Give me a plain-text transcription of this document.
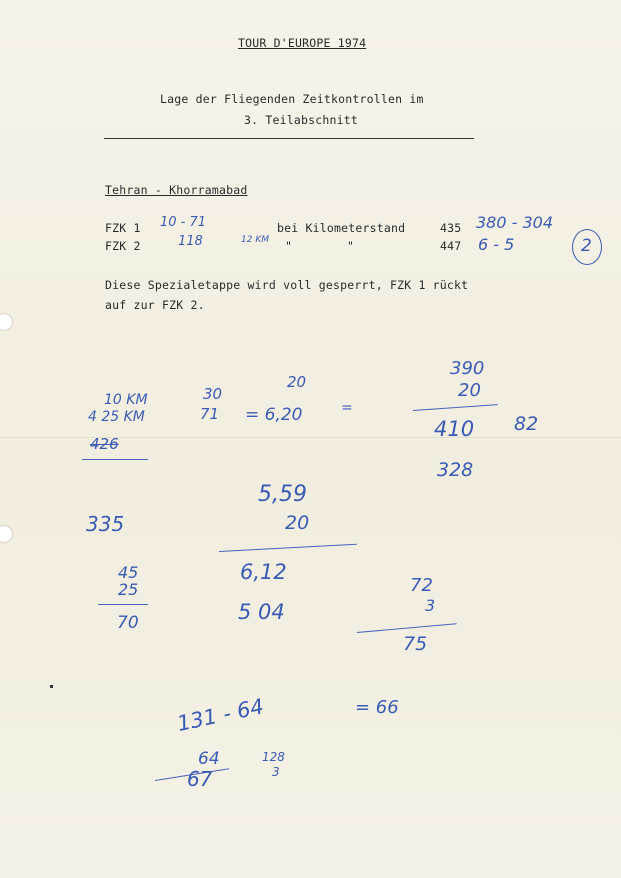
TOUR D'EUROPE 1974
Lage der Fliegenden Zeitkontrollen im
3. Teilabschnitt
Tehran - Khorramabad
FZK 1	bei Kilometerstand	435
FZK 2	"	"	447
Diese Spezialetappe wird voll gesperrt, FZK 1 rückt
auf zur FZK 2.
10 - 71	380 - 304
118	12 KM	6 - 5	2
10 KM
4 25 KM
426
30
71
20
= 6,20	=
390
20
410 82
328
335
5,59
20
6,12
5 04
45
25
70
72
3
75
131 - 64	= 66
64
67
128
3
